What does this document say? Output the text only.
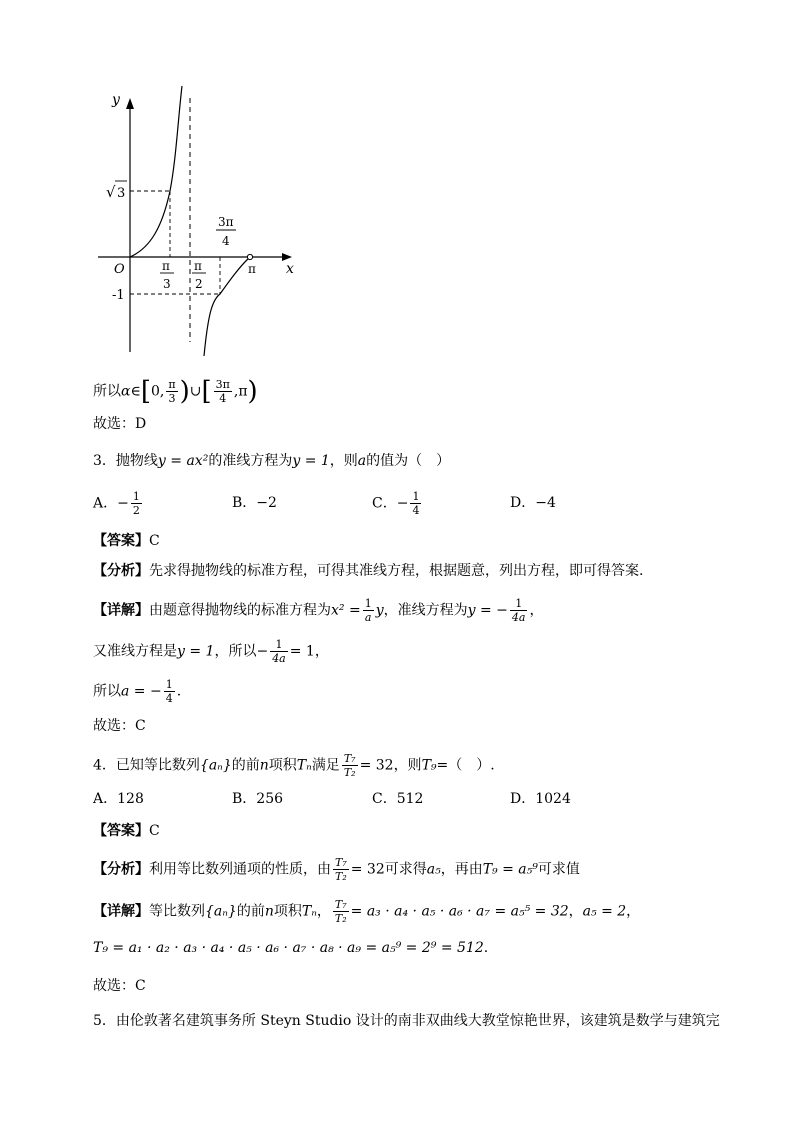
y
x
O
√ 3
-1
π
3
π
2
3π
4
π
所以α∈[0, $\frac{\pi}{3}$ )∪[ $\frac{3\pi}{4} ,\pi$)
故选：D
3．抛物线y = ax²的准线方程为y = 1，则a的值为（　）
A．− $\frac{1}{2}$	B．−2	C．− $\frac{1}{4}$	D．−4
【答案】C
【分析】先求得抛物线的标准方程，可得其准线方程，根据题意，列出方程，即可得答案.
【详解】由题意得抛物线的标准方程为$x^2 = \frac{1}{a}$ y，准线方程为y = − $\frac{1}{4a}$ ，
又准线方程是y = 1，所以− $\frac{1}{4a} = 1$，
所以a = − $\frac{1}{4}$ .
故选：C
4．已知等比数列{aₙ}的前n项积Tₙ满足 $\frac{\text{T₇}}{\text{T₂}} = 32$，则T₉=（　）.
A．128	B．256	C．512	D．1024
【答案】C
【分析】利用等比数列通项的性质，由 $\frac{\text{T₇}}{\text{T₂}} = 32$可求得a₅，再由T₉ = a₅⁹可求值
【详解】等比数列{aₙ}的前n项积Tₙ， $\frac{\text{T₇}}{\text{T₂}} = a_3 \cdot a_4 \cdot a_5 \cdot a_6 \cdot a_7 = a_5^5 = 32$，a₅ = 2，
T₉ = a₁ · a₂ · a₃ · a₄ · a₅ · a₆ · a₇ · a₈ · a₉ = a₅⁹ = 2⁹ = 512.
故选：C
5．由伦敦著名建筑事务所 Steyn Studio 设计的南非双曲线大教堂惊艳世界，该建筑是数学与建筑完
